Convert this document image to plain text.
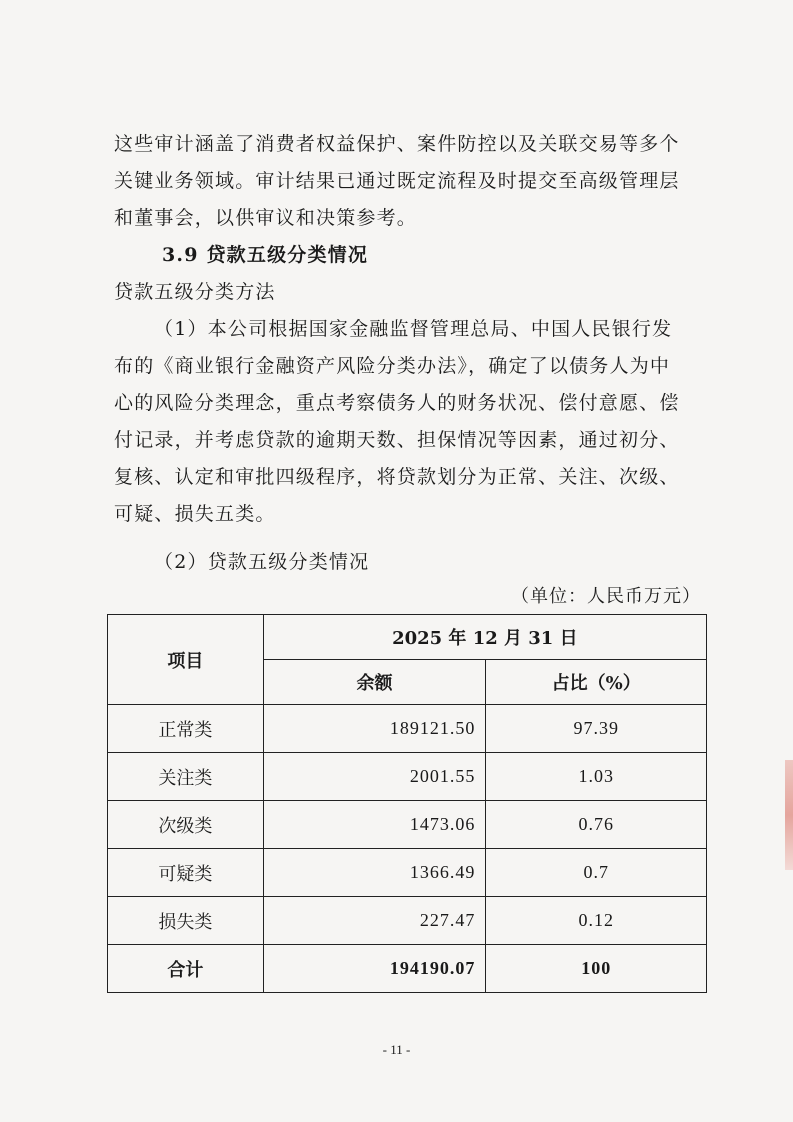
这些审计涵盖了消费者权益保护、案件防控以及关联交易等多个
关键业务领域。审计结果已通过既定流程及时提交至高级管理层
和董事会，以供审议和决策参考。
3.9 贷款五级分类情况
贷款五级分类方法
（1）本公司根据国家金融监督管理总局、中国人民银行发
布的《商业银行金融资产风险分类办法》，确定了以债务人为中
心的风险分类理念，重点考察债务人的财务状况、偿付意愿、偿
付记录，并考虑贷款的逾期天数、担保情况等因素，通过初分、
复核、认定和审批四级程序，将贷款划分为正常、关注、次级、
可疑、损失五类。
（2）贷款五级分类情况
（单位：人民币万元）
项目	2025 年 12 月 31 日	
	余额	占比（%）
正常类	189121.50	97.39
关注类	2001.55	1.03
次级类	1473.06	0.76
可疑类	1366.49	0.7
损失类	227.47	0.12
合计	194190.07	100
- 11 -
